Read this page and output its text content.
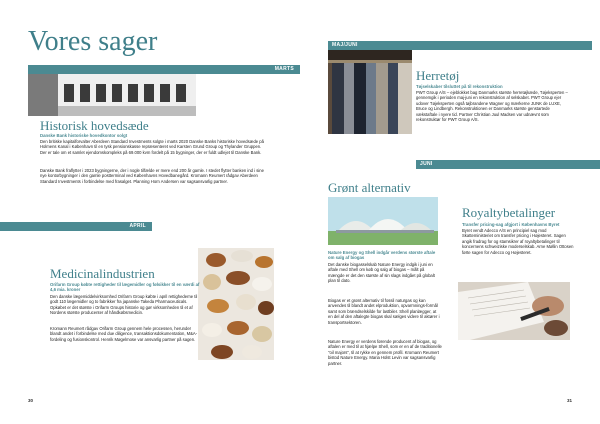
Vores sager
MARTS
Historisk hovedsæde
Danske Bank historiske hovedkontor solgt
Den britiske kapitalforvalter Aberdeen Standard Investments solgte i marts 2020 Danske Banks historiske hovedsæde på Holmens Kanal i København til en tysk pensionskasse repræsenteret ved Karsten Grund Group og Thylander Gruppen. Der er tale om et samlet ejendomskompleks på 69.000 kvm fordelt på 15 bygninger, der er fuldt udlejet til Danske Bank.
Danske Bank fraflytter i 2023 bygningerne, der i nogle tilfælde er mere end 200 år gamle. I stedet flytter banken ind i sine nye kontorbygninger i den gamle postterminal ved Københavns Hovedbanegård. Kromann Reumert rådgav Aberdeen Standard Investments i forbindelse med frasalget. Planning Horn Andersen var sagsansvarlig partner.
APRIL
Medicinalindustrien
Orifarm Group købte rettigheder til lægemidler og følsikker til en værdi af 4,6 mia. kroner
Den danske lægemiddelvirksomhed Orifarm Group købte i april rettighederne til godt 110 lægemidler og to fabrikker fra japanske Takeda Pharmaceuticals. Opkøbet er det største i Orifarm Groups historie og gør virksomheden til et af Nordens største producenter af håndkøbsmedicin.
Kromann Reumert rådgav Orifarm Group gennem hele processen, herunder blandt andet i forbindelse med due diligence, transaktionsdokumentation, M&A-fordeling og fusionskontrol. Henrik Møgelmose var ansvarlig partner på sagen.
30
MAJ/JUNI
Herretøj
Tøjselskaber tilsluttet på til rekonstruktion
PWT Group A/S – ejeblokket bag Danmarks største herretøjkæde, Tøjeksperten – gennemgik i perioden maj-juni en rekonstruktion af selskabet. PWT Group ejer udover Tøjeksperten også tøjbrandene Wagner og mærkerne JUNK de LUXE, Bruce og Lindbergh. Rekonstruktionen er Danmarks største genstartede vækstaftale i nyere tid. Partner Christian Juul Madsen var udnævnt som rekonstruktør for PWT Group A/S.
JUNI
Grønt alternativ
Nature Energy og Shell indgår verdens største aftale om salg af biogas
Det danske biogasselskab Nature Energy indgik i juni en aftale med Shell om køb og salg af biogas – målt på mængde er det den største af sin slags indgået på globalt plan til dato.
Biogas er et grønt alternativ til fossil naturgas og kan anvendes til blandt andet elproduktion, opvarmnings-formål samt som brændselskilde for lastbiler. Shell planlægger, at en del af den aftalegte biogas skal sælges videre til aktører i transportsektoren.
Nature Energy er verdens førende producent af biogas, og aftalen er med til at hjælpe Shell, som er en af de traditionelle "oil majors", til at rykke en gennem profil. Kromann Reumert bistod Nature Energy. Maria Holst Levin var sagsansvarlig partner.
Royaltybetalinger
Transfer pricing-sag afgjort i Københavns Byret
Byret vendt Adecco A/S en principiel sag mod Skatteministeriet om transfer pricing i Højesteret. Sagen angik fradrag for og stamsikrer af royaltybetalinger til koncernens schweiziske moderselskab. Arne Møllin Ottosen førte sagen for Adecco og Højesteret.
31
